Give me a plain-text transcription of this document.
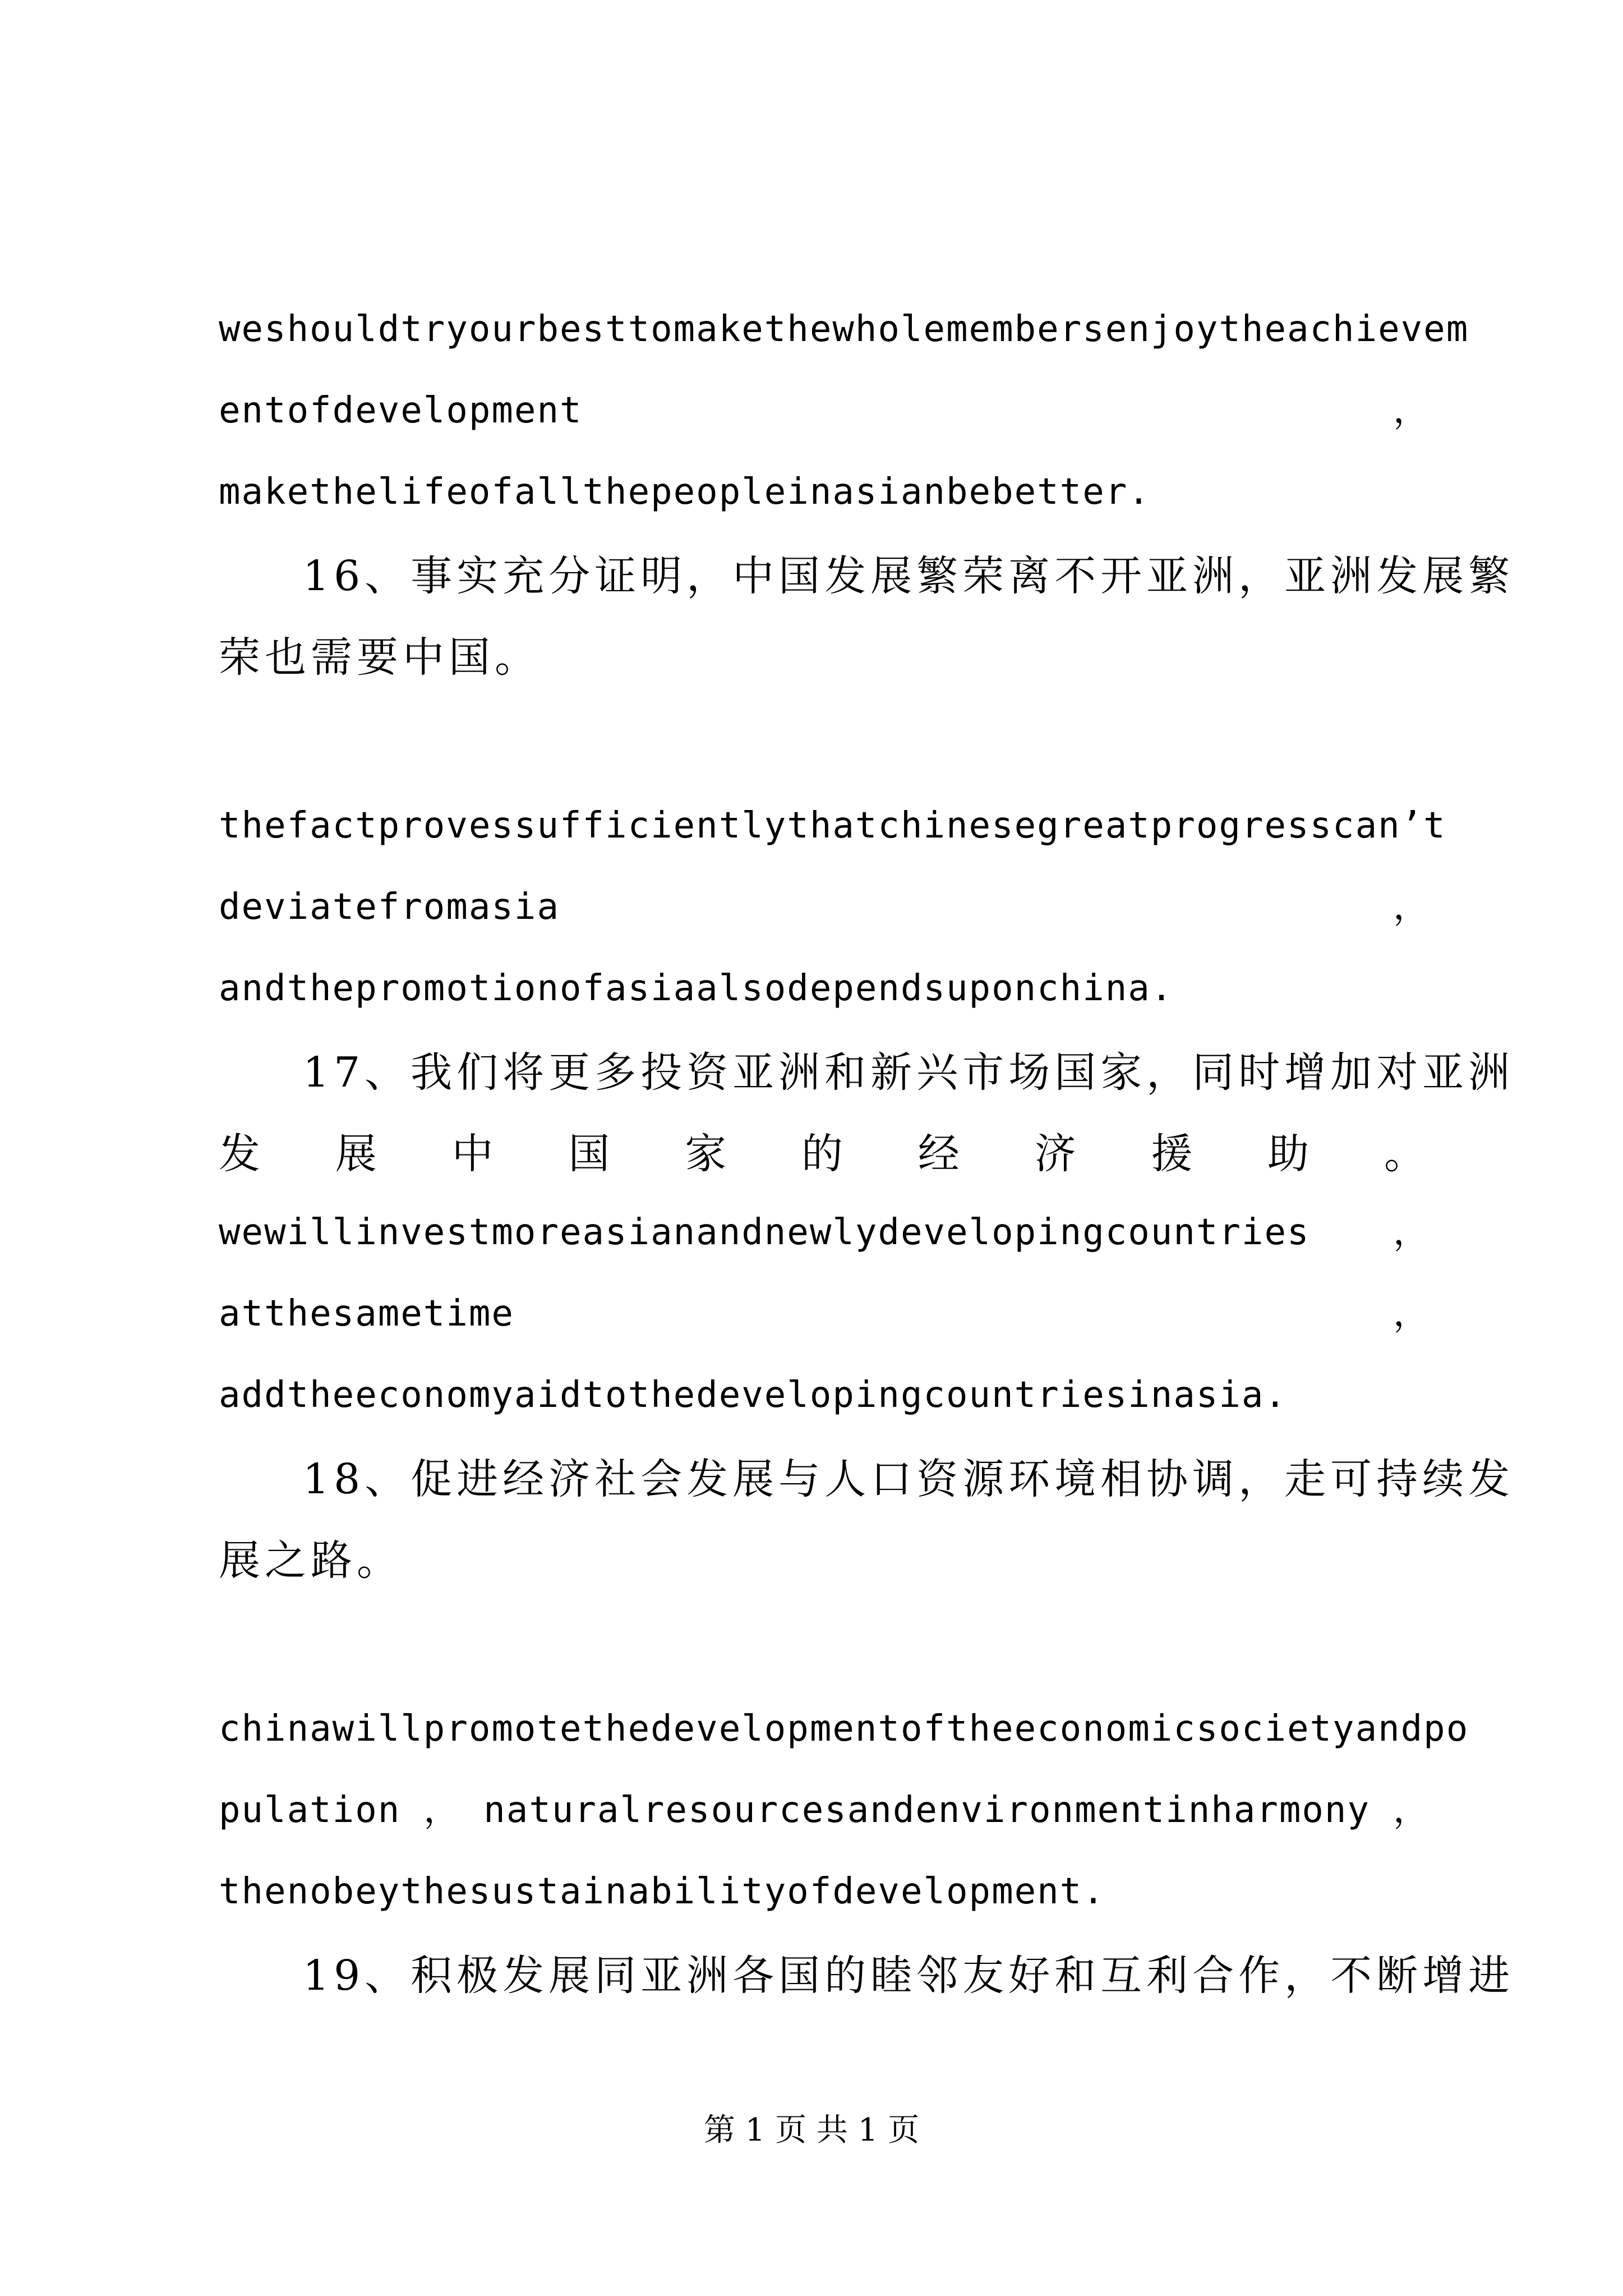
weshouldtryourbesttomakethewholemembersenjoytheachievem
entofdevelopment	，
makethelifeofallthepeopleinasianbebetter.
16、事实充分证明，中国发展繁荣离不开亚洲，亚洲发展繁
荣也需要中国。
thefactprovessufficientlythatchinesegreatprogresscan’t
deviatefromasia	，
andthepromotionofasiaalsodependsuponchina.
17、我们将更多投资亚洲和新兴市场国家，同时增加对亚洲
发 展 中 国 家 的 经 济 援 助 。
wewillinvestmoreasianandnewlydevelopingcountries ，
atthesametime	，
addtheeconomyaidtothedevelopingcountriesinasia.
18、促进经济社会发展与人口资源环境相协调，走可持续发
展之路。
chinawillpromotethedevelopmentoftheeconomicsocietyandpo
pulation ， naturalresourcesandenvironmentinharmony ，
thenobeythesustainabilityofdevelopment.
19、积极发展同亚洲各国的睦邻友好和互利合作，不断增进
第 1 页 共 1 页
